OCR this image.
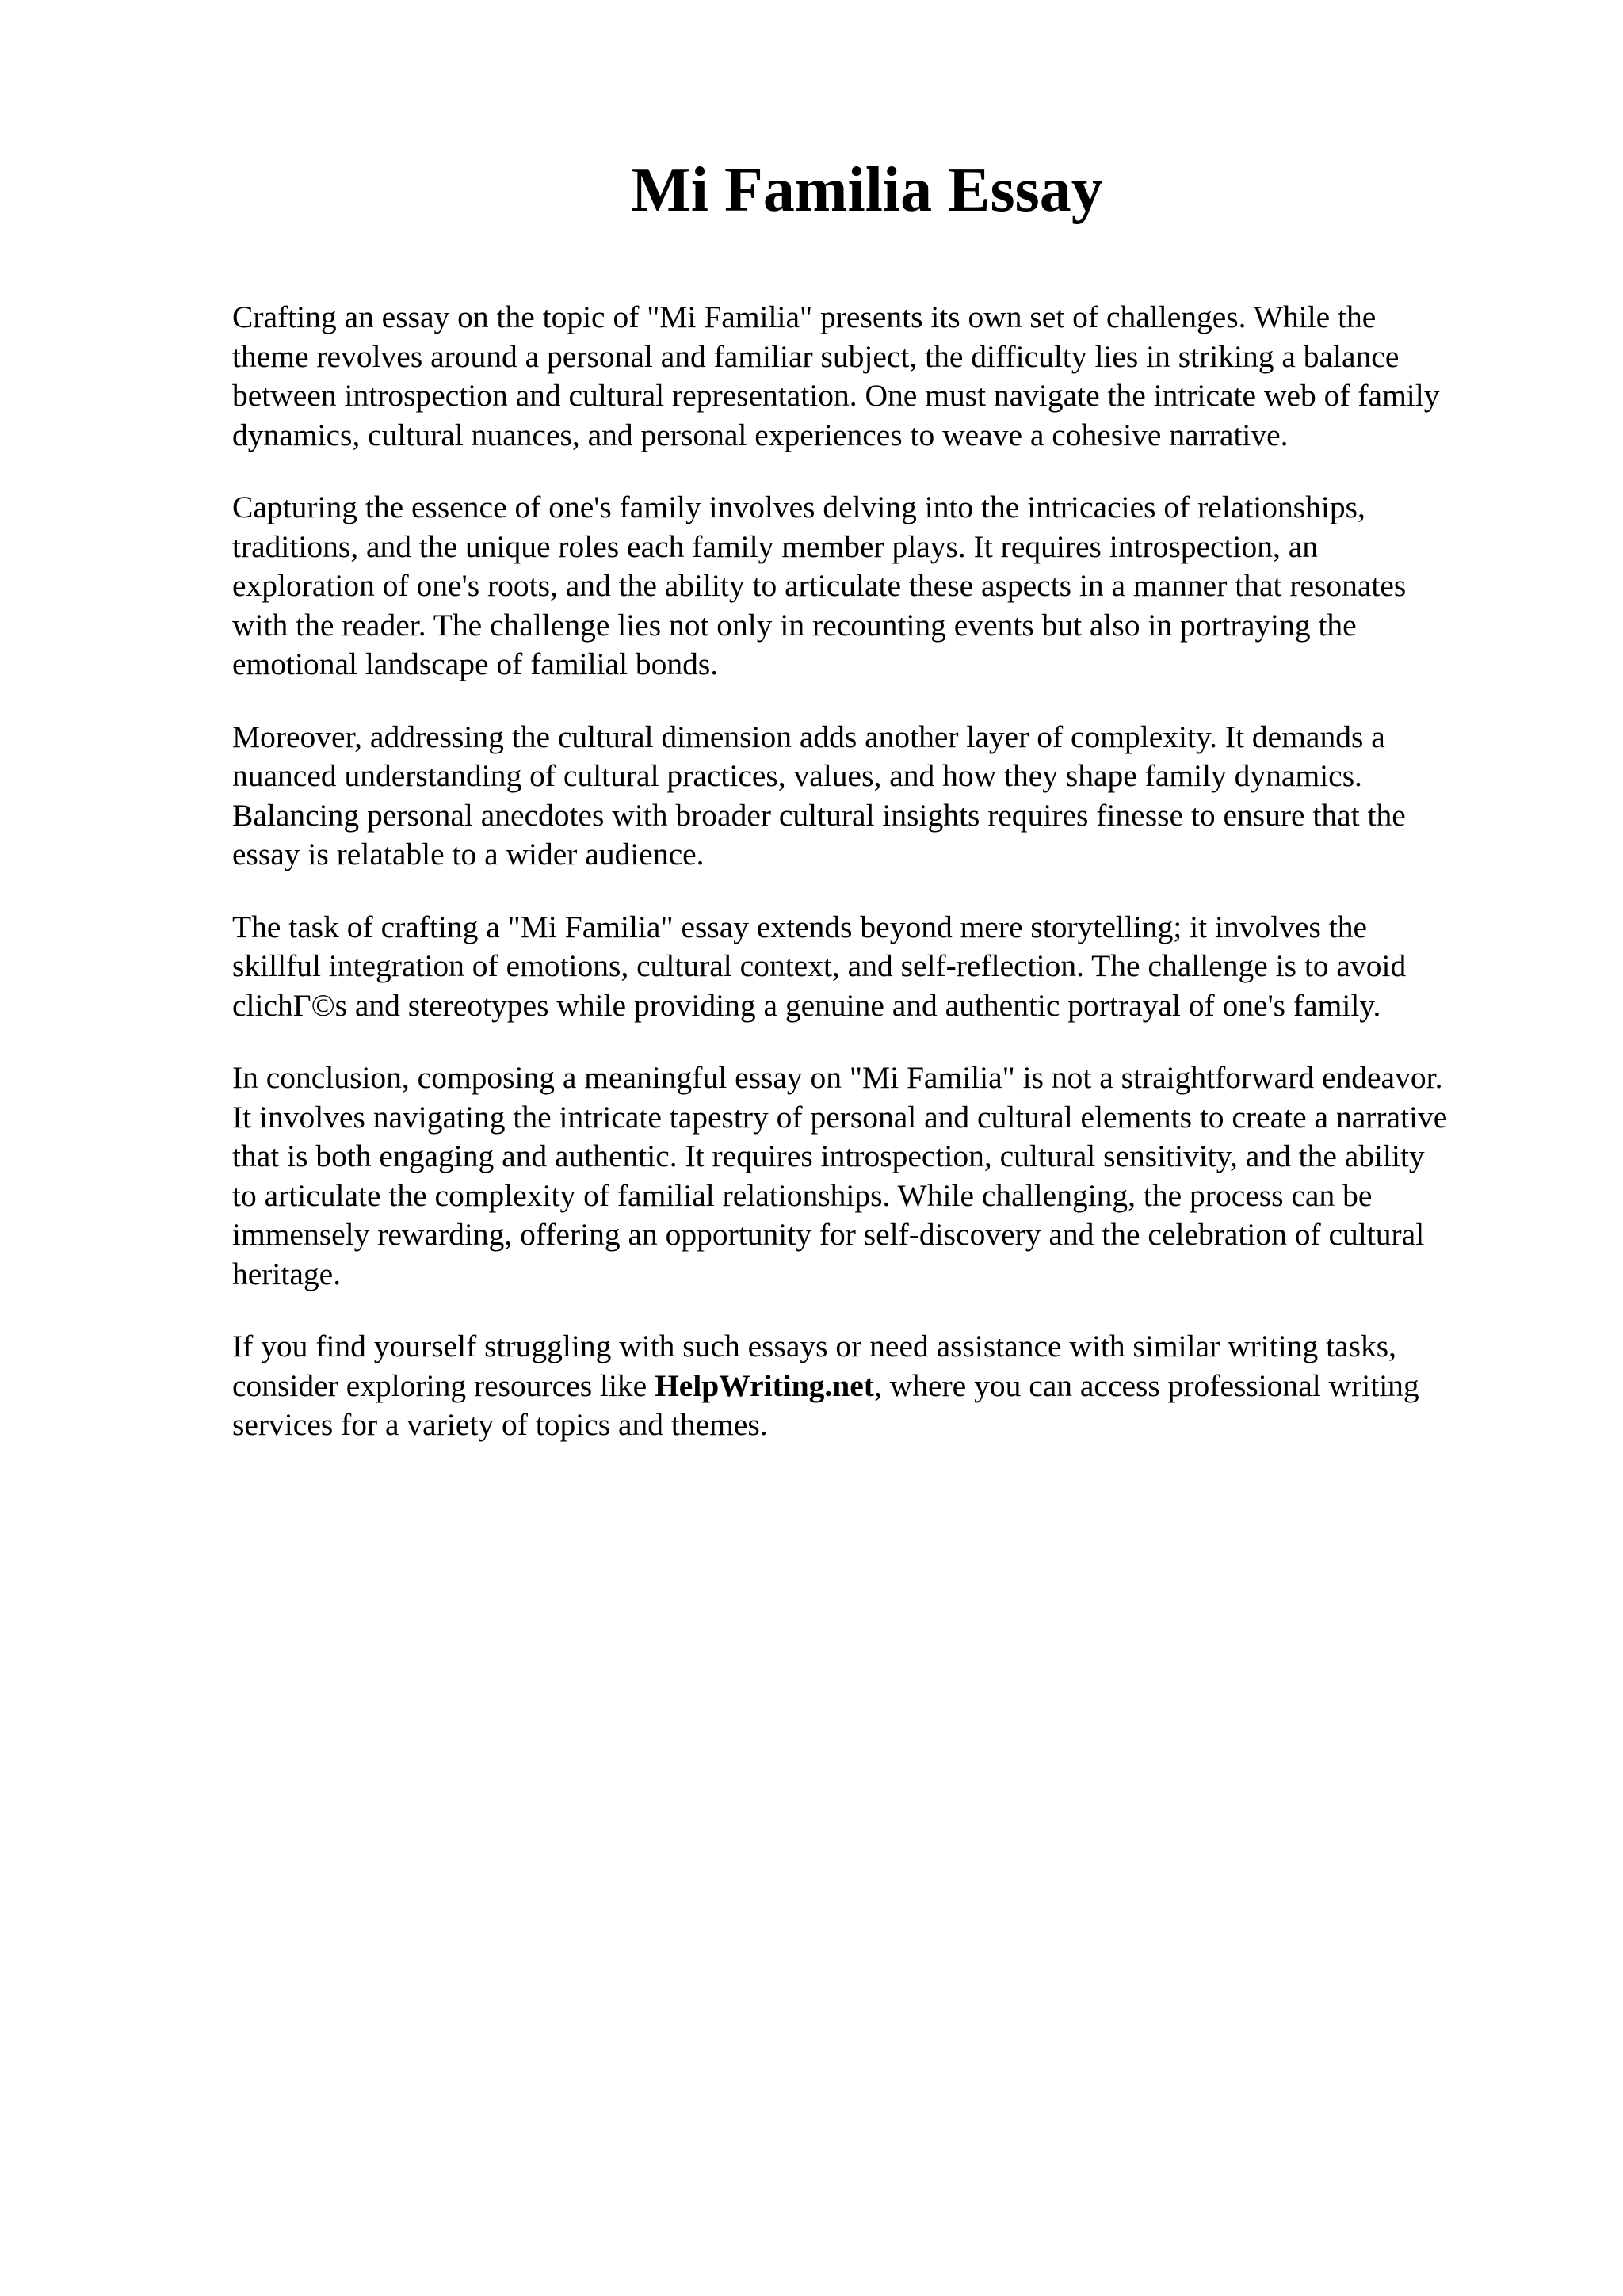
Mi Familia Essay

Crafting an essay on the topic of "Mi Familia" presents its own set of challenges. While the
theme revolves around a personal and familiar subject, the difficulty lies in striking a balance
between introspection and cultural representation. One must navigate the intricate web of family
dynamics, cultural nuances, and personal experiences to weave a cohesive narrative.

Capturing the essence of one's family involves delving into the intricacies of relationships,
traditions, and the unique roles each family member plays. It requires introspection, an
exploration of one's roots, and the ability to articulate these aspects in a manner that resonates
with the reader. The challenge lies not only in recounting events but also in portraying the
emotional landscape of familial bonds.

Moreover, addressing the cultural dimension adds another layer of complexity. It demands a
nuanced understanding of cultural practices, values, and how they shape family dynamics.
Balancing personal anecdotes with broader cultural insights requires finesse to ensure that the
essay is relatable to a wider audience.

The task of crafting a "Mi Familia" essay extends beyond mere storytelling; it involves the
skillful integration of emotions, cultural context, and self-reflection. The challenge is to avoid
clichГ©s and stereotypes while providing a genuine and authentic portrayal of one's family.

In conclusion, composing a meaningful essay on "Mi Familia" is not a straightforward endeavor.
It involves navigating the intricate tapestry of personal and cultural elements to create a narrative
that is both engaging and authentic. It requires introspection, cultural sensitivity, and the ability
to articulate the complexity of familial relationships. While challenging, the process can be
immensely rewarding, offering an opportunity for self-discovery and the celebration of cultural
heritage.

If you find yourself struggling with such essays or need assistance with similar writing tasks,
consider exploring resources like HelpWriting.net, where you can access professional writing
services for a variety of topics and themes.
